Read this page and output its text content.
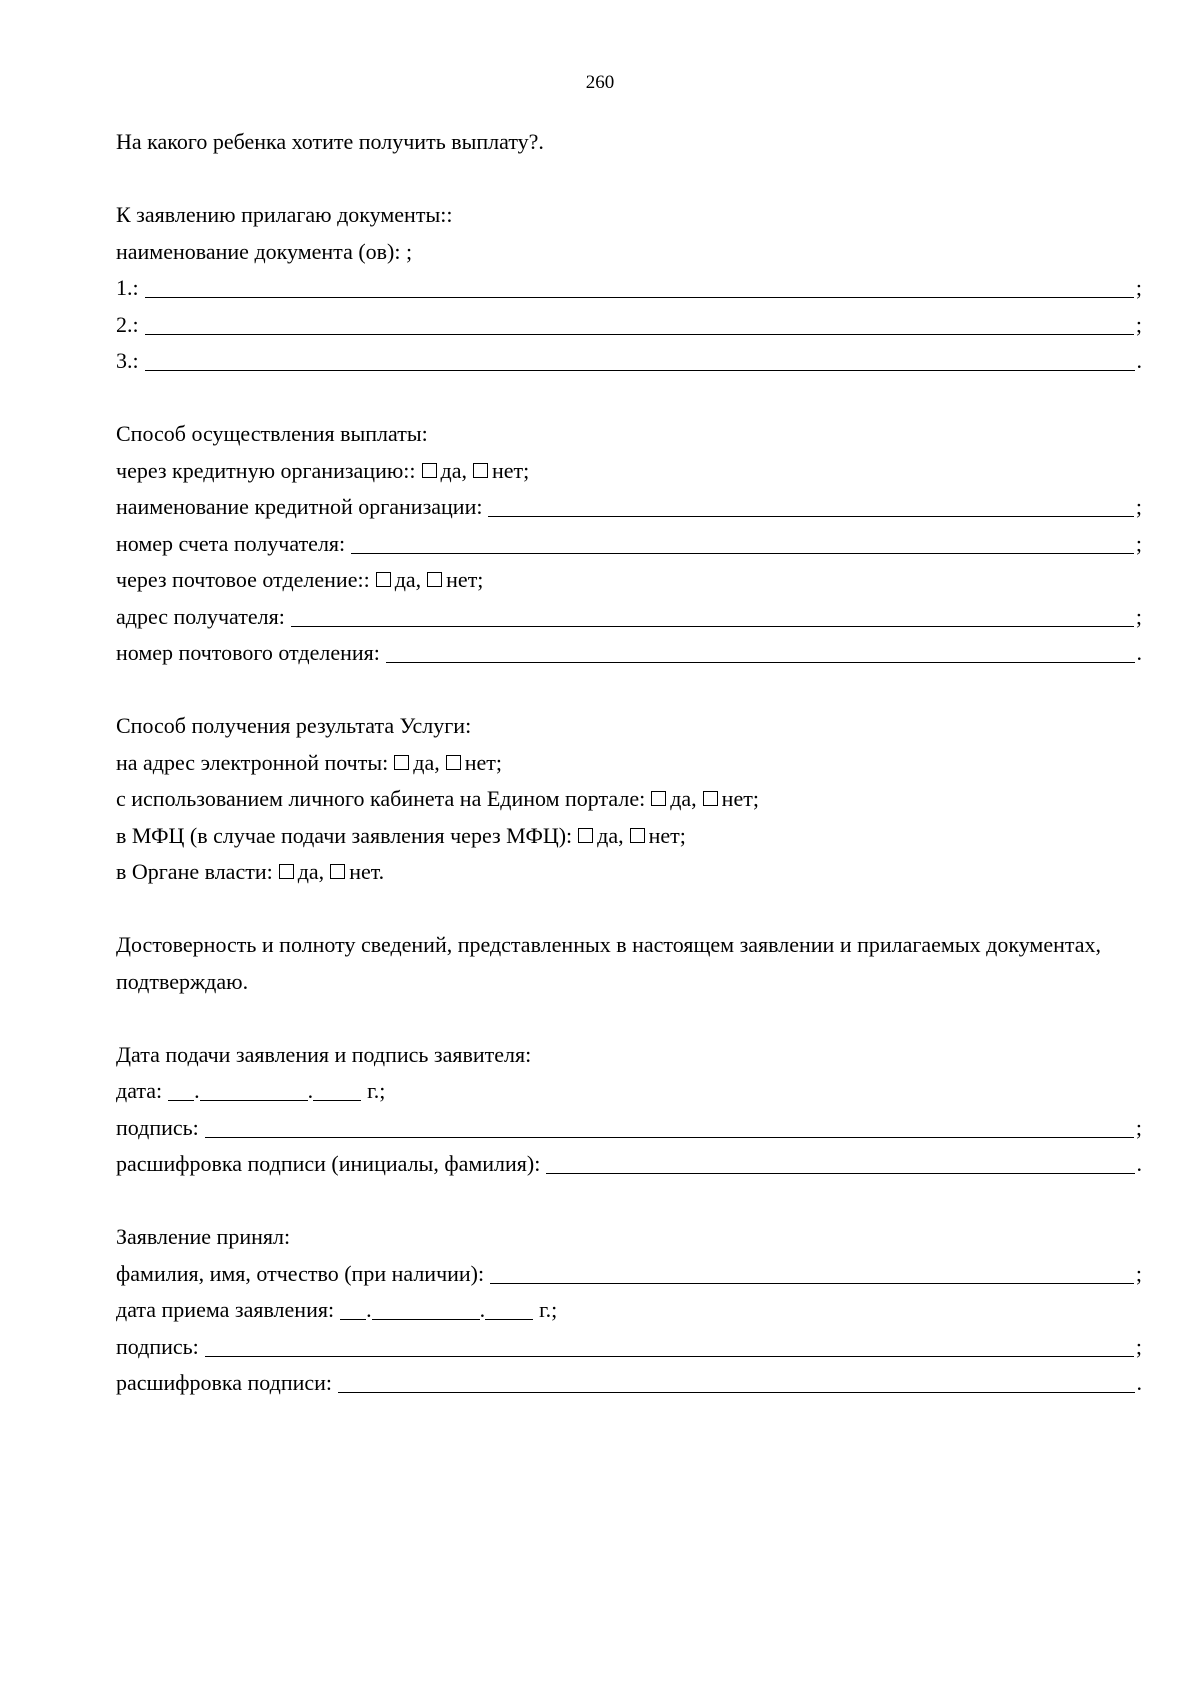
260
На какого ребенка хотите получить выплату?.
К заявлению прилагаю документы::
наименование документа (ов): ;
1.:	;
2.:	;
3.:	.
Способ осуществления выплаты:
через кредитную организацию:: да, нет;
наименование кредитной организации:	;
номер счета получателя:	;
через почтовое отделение:: да, нет;
адрес получателя:	;
номер почтового отделения:	.
Способ получения результата Услуги:
на адрес электронной почты: да, нет;
с использованием личного кабинета на Едином портале: да, нет;
в МФЦ (в случае подачи заявления через МФЦ): да, нет;
в Органе власти: да, нет.
Достоверность и полноту сведений, представленных в настоящем заявлении и прилагаемых документах, подтверждаю.
Дата подачи заявления и подпись заявителя:
дата: .	. г.;
подпись:	;
расшифровка подписи (инициалы, фамилия):	.
Заявление принял:
фамилия, имя, отчество (при наличии):	;
дата приема заявления: .	. г.;
подпись:	;
расшифровка подписи:	.
